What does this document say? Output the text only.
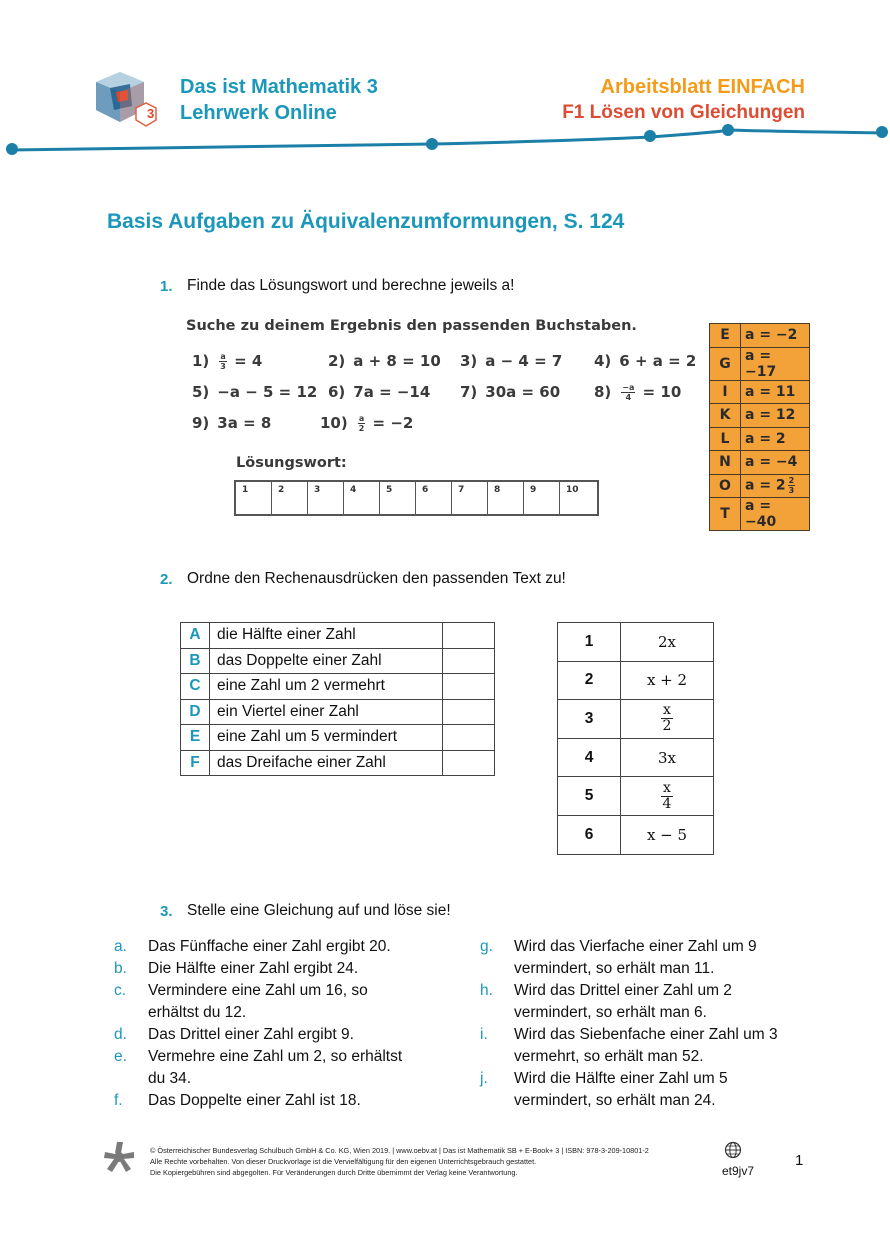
3
Das ist Mathematik 3
Lehrwerk Online
Arbeitsblatt EINFACH
F1 Lösen von Gleichungen
Basis Aufgaben zu Äquivalenzumformungen, S. 124
1. Finde das Lösungswort und berechne jeweils a!
Suche zu deinem Ergebnis den passenden Buchstaben.
$1) \frac{a}{3} = 4$	2) a + 8 = 10 3) a − 4 = 7 4) 6 + a = 2
5) −a − 5 = 12 6) 7a = −14 7) 30a = 60 $8) \frac{-a}{4} = 10$
9) 3a = 8	$10) \frac{a}{2} = -2$
Lösungswort:
1	2	3	4	5	6	7	8	9	10
E	a = −2
G	a = −17
I	a = 11
K	a = 12
L	a = 2
N	a = −4
O	$a = 2 \frac{2}{3}$

T	a = −40
2. Ordne den Rechenausdrücken den passenden Text zu!
A	die Hälfte einer Zahl	
B	das Doppelte einer Zahl	
C	eine Zahl um 2 vermehrt	
D	ein Viertel einer Zahl	
E	eine Zahl um 5 vermindert	
F	das Dreifache einer Zahl	
1	2x
2	x + 2
3	$\frac{x}{2}$

4	3x
5	$\frac{x}{4}$

6	x − 5
3. Stelle eine Gleichung auf und löse sie!
a. Das Fünffache einer Zahl ergibt 20.
b. Die Hälfte einer Zahl ergibt 24.
c. Vermindere eine Zahl um 16, so erhältst du 12.
d. Das Drittel einer Zahl ergibt 9.
e. Vermehre eine Zahl um 2, so erhältst du 34.
f. Das Doppelte einer Zahl ist 18.
g. Wird das Vierfache einer Zahl um 9 vermindert, so erhält man 11.
h. Wird das Drittel einer Zahl um 2 vermindert, so erhält man 6.
i. Wird das Siebenfache einer Zahl um 3 vermehrt, so erhält man 52.
j. Wird die Hälfte einer Zahl um 5 vermindert, so erhält man 24.
© Österreichischer Bundesverlag Schulbuch GmbH & Co. KG, Wien 2019. | www.oebv.at | Das ist Mathematik SB + E-Book+ 3 | ISBN: 978-3-209-10801-2
Alle Rechte vorbehalten. Von dieser Druckvorlage ist die Vervielfältigung für den eigenen Unterrichtsgebrauch gestattet.
Die Kopiergebühren sind abgegolten. Für Veränderungen durch Dritte übernimmt der Verlag keine Verantwortung.	et9jv7
1
